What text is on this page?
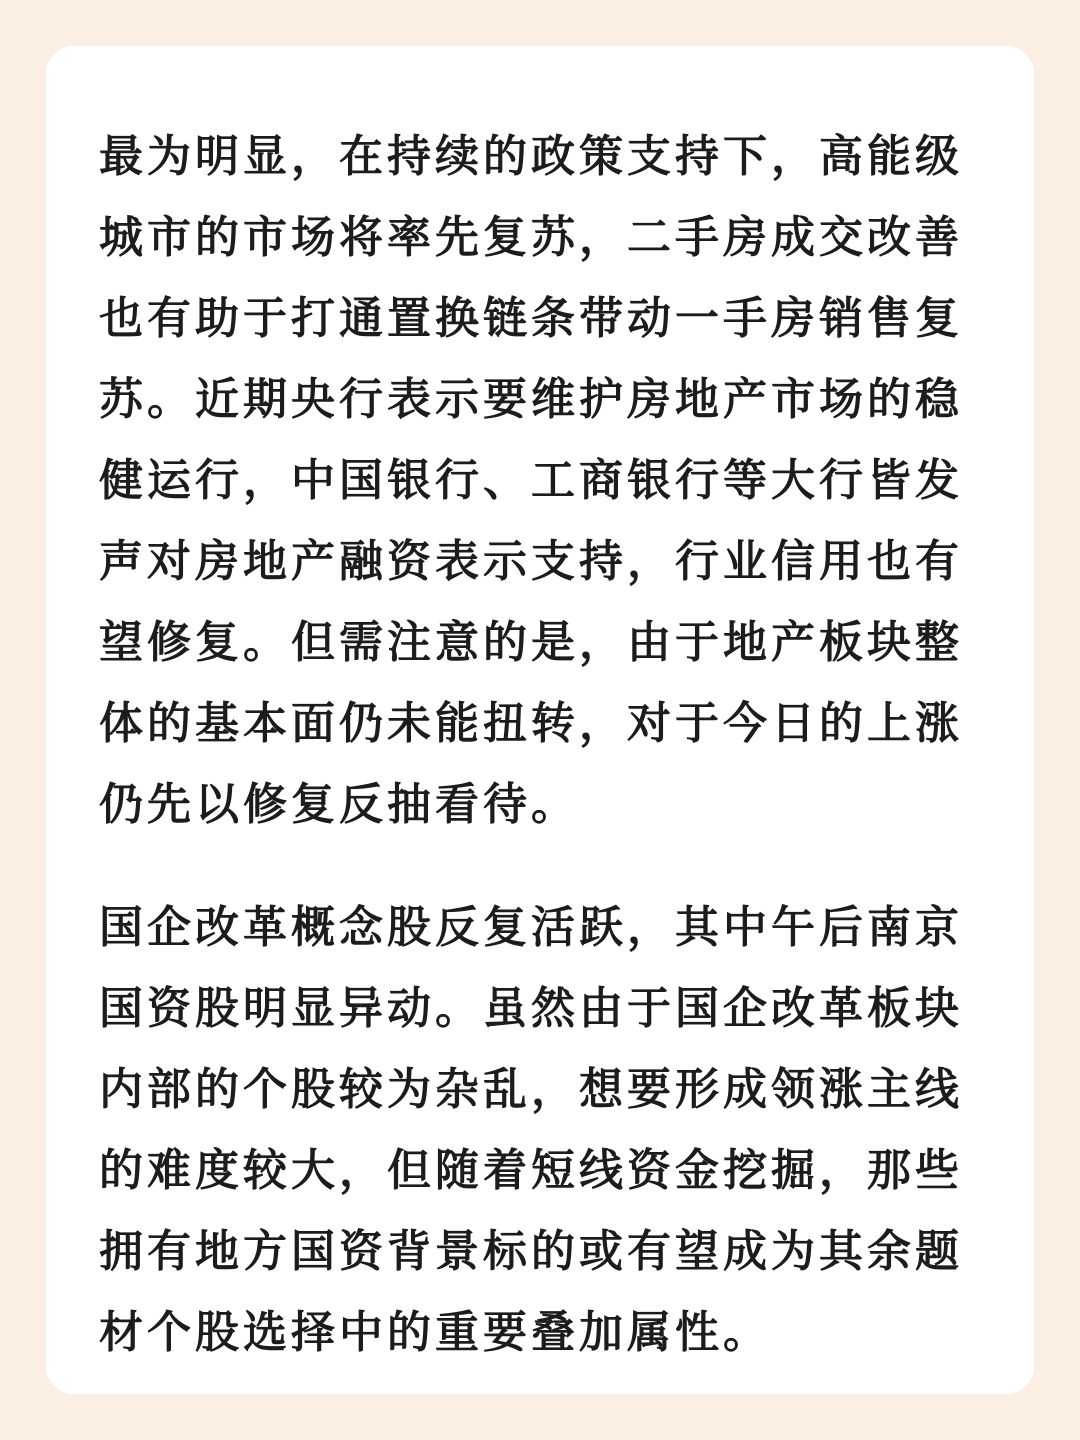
最为明显，在持续的政策支持下，高能级
城市的市场将率先复苏，二手房成交改善
也有助于打通置换链条带动一手房销售复
苏。近期央行表示要维护房地产市场的稳
健运行，中国银行、工商银行等大行皆发
声对房地产融资表示支持，行业信用也有
望修复。但需注意的是，由于地产板块整
体的基本面仍未能扭转，对于今日的上涨
仍先以修复反抽看待。
国企改革概念股反复活跃，其中午后南京
国资股明显异动。虽然由于国企改革板块
内部的个股较为杂乱，想要形成领涨主线
的难度较大，但随着短线资金挖掘，那些
拥有地方国资背景标的或有望成为其余题
材个股选择中的重要叠加属性。
